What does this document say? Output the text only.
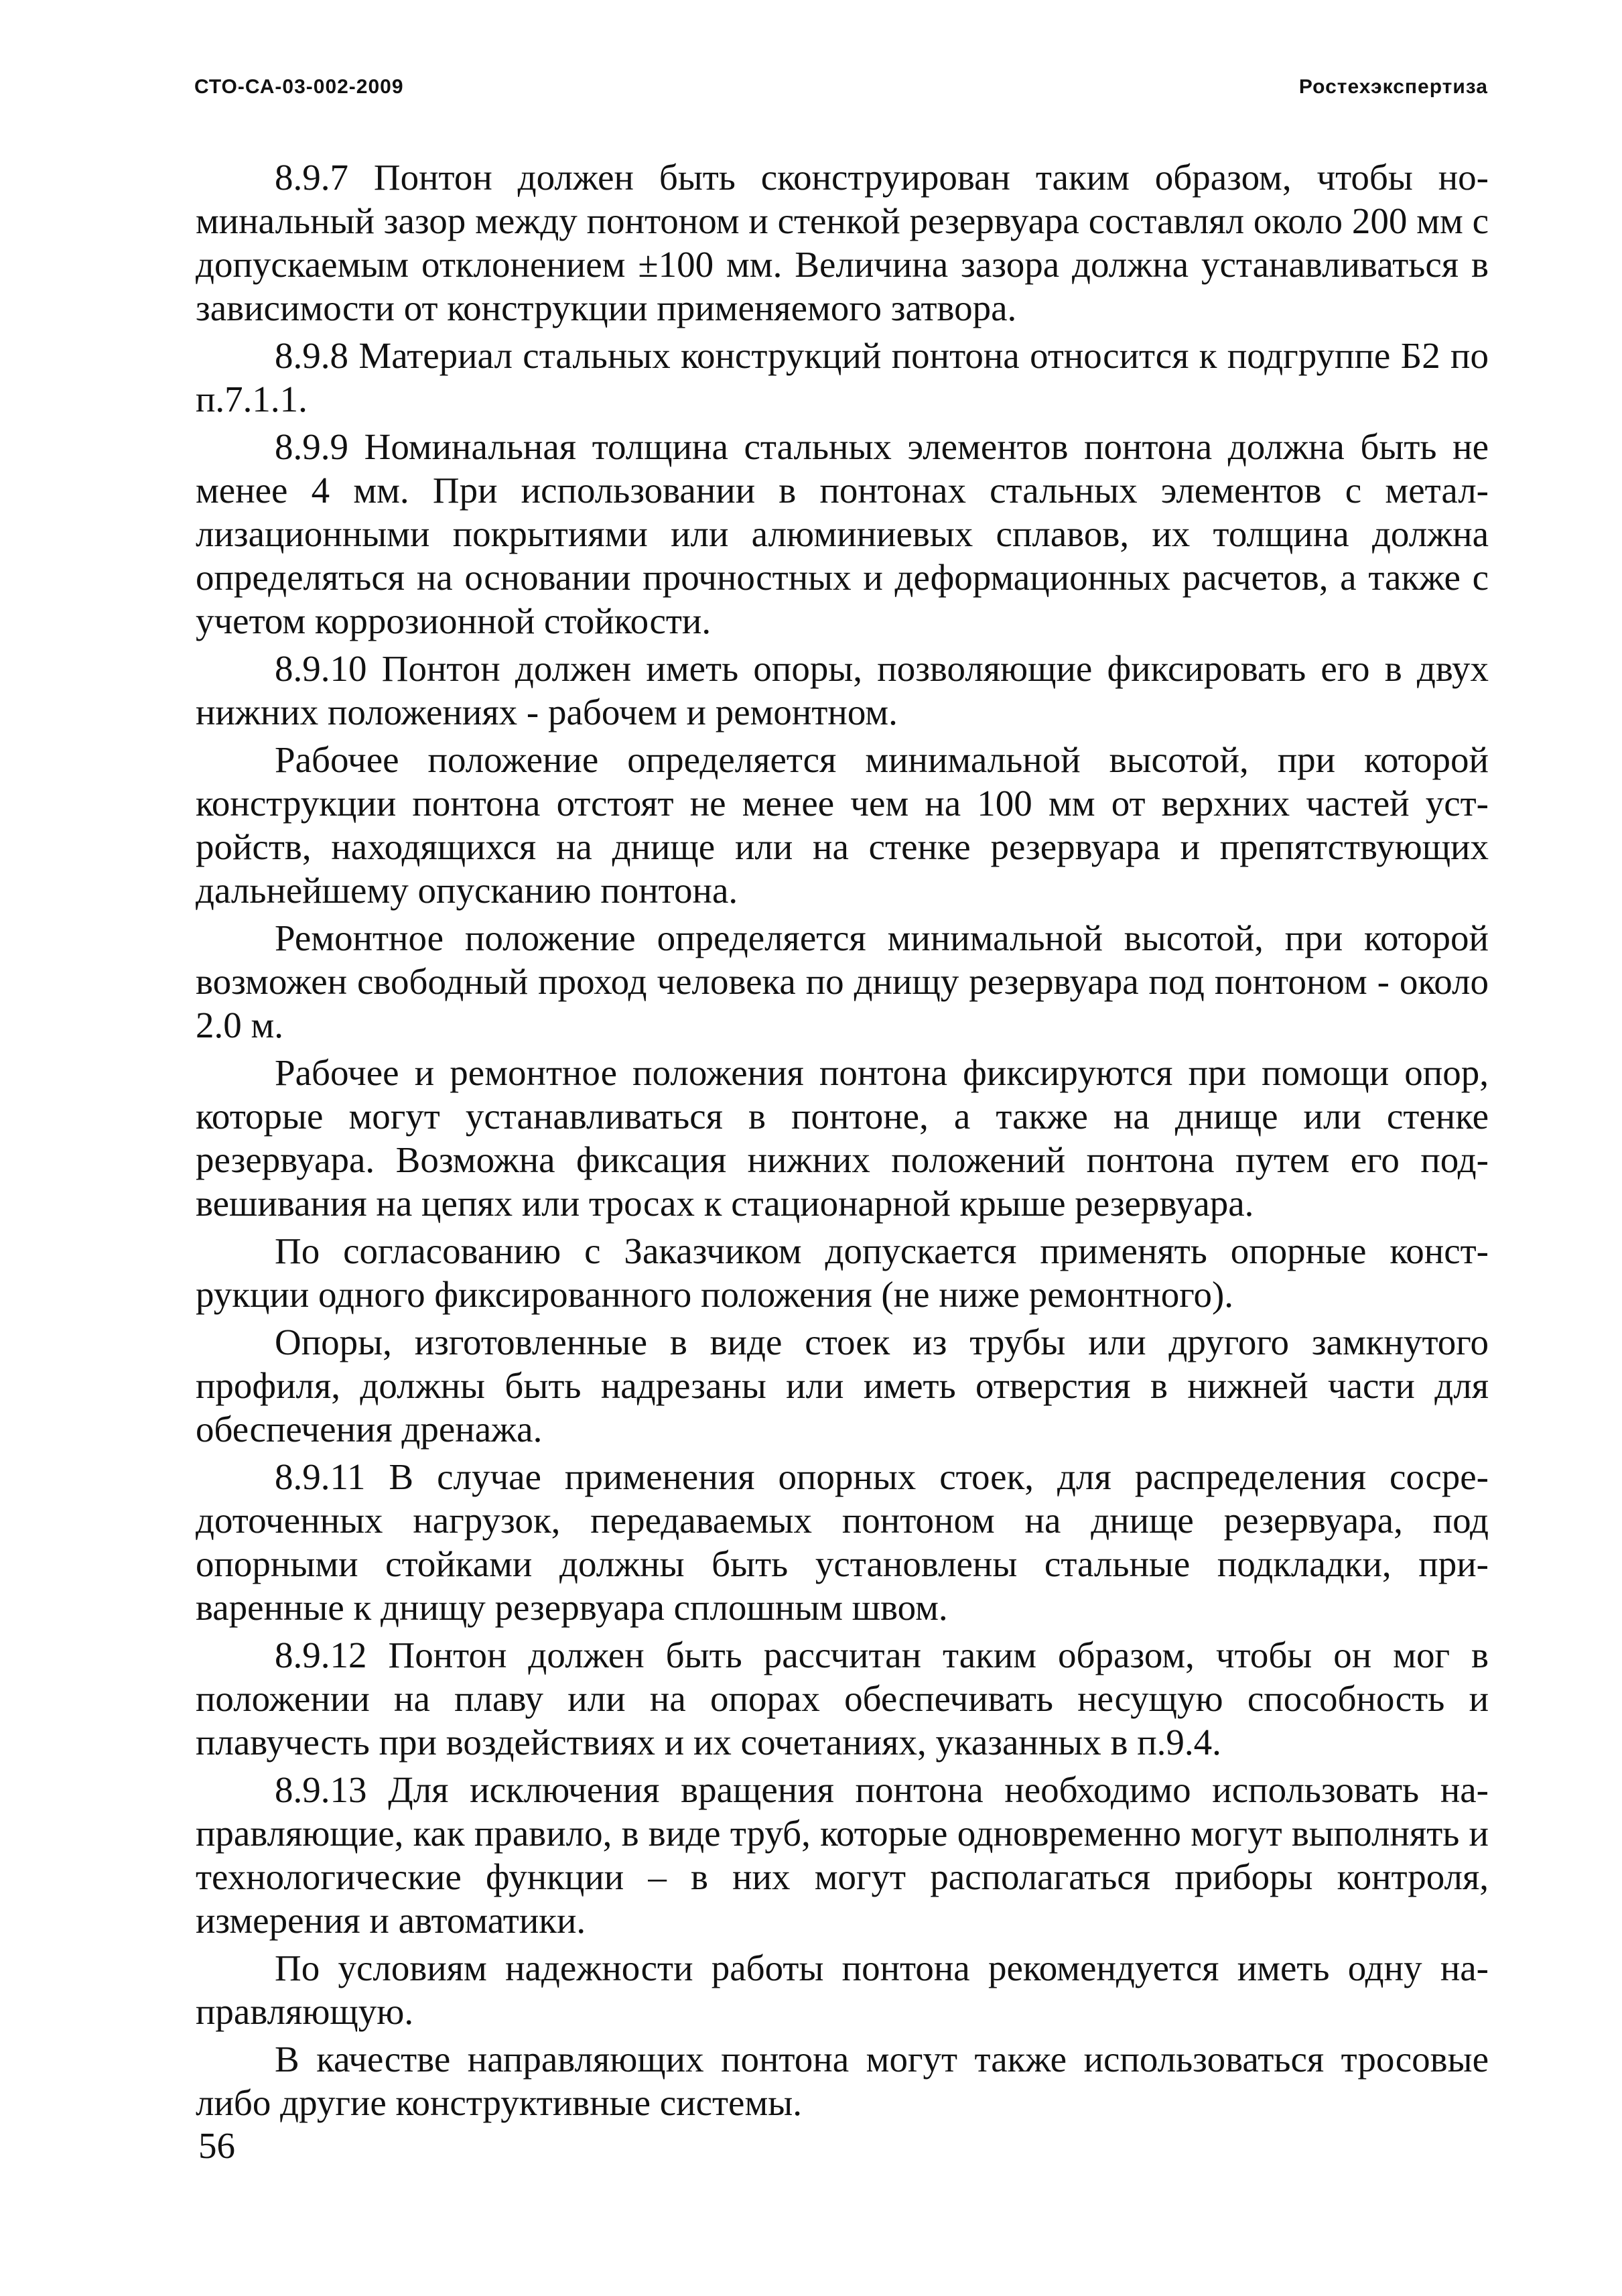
СТО-СА-03-002-2009	Ростехэкспертиза

8.9.7 Понтон должен быть сконструирован таким образом, чтобы номинальный зазор между понтоном и стенкой резервуара составлял около 200 мм с допускаемым отклонением ±100 мм. Величина зазора должна устанавливаться в зависимости от конструкции применяемого затвора.

8.9.8 Материал стальных конструкций понтона относится к подгруппе Б2 по п.7.1.1.

8.9.9 Номинальная толщина стальных элементов понтона должна быть не менее 4 мм. При использовании в понтонах стальных элементов с металлизационными покрытиями или алюминиевых сплавов, их толщина должна определяться на основании прочностных и деформационных расчетов, а также с учетом коррозионной стойкости.

8.9.10 Понтон должен иметь опоры, позволяющие фиксировать его в двух нижних положениях - рабочем и ремонтном.

Рабочее положение определяется минимальной высотой, при которой конструкции понтона отстоят не менее чем на 100 мм от верхних частей устройств, находящихся на днище или на стенке резервуара и препятствующих дальнейшему опусканию понтона.

Ремонтное положение определяется минимальной высотой, при которой возможен свободный проход человека по днищу резервуара под понтоном - около 2.0 м.

Рабочее и ремонтное положения понтона фиксируются при помощи опор, которые могут устанавливаться в понтоне, а также на днище или стенке резервуара. Возможна фиксация нижних положений понтона путем его подвешивания на цепях или тросах к стационарной крыше резервуара.

По согласованию с Заказчиком допускается применять опорные конструкции одного фиксированного положения (не ниже ремонтного).

Опоры, изготовленные в виде стоек из трубы или другого замкнутого профиля, должны быть надрезаны или иметь отверстия в нижней части для обеспечения дренажа.

8.9.11 В случае применения опорных стоек, для распределения сосредоточенных нагрузок, передаваемых понтоном на днище резервуара, под опорными стойками должны быть установлены стальные подкладки, приваренные к днищу резервуара сплошным швом.

8.9.12 Понтон должен быть рассчитан таким образом, чтобы он мог в положении на плаву или на опорах обеспечивать несущую способность и плавучесть при воздействиях и их сочетаниях, указанных в п.9.4.

8.9.13 Для исключения вращения понтона необходимо использовать направляющие, как правило, в виде труб, которые одновременно могут выполнять и технологические функции – в них могут располагаться приборы контроля, измерения и автоматики.

По условиям надежности работы понтона рекомендуется иметь одну направляющую.

В качестве направляющих понтона могут также использоваться тросовые либо другие конструктивные системы.

56
